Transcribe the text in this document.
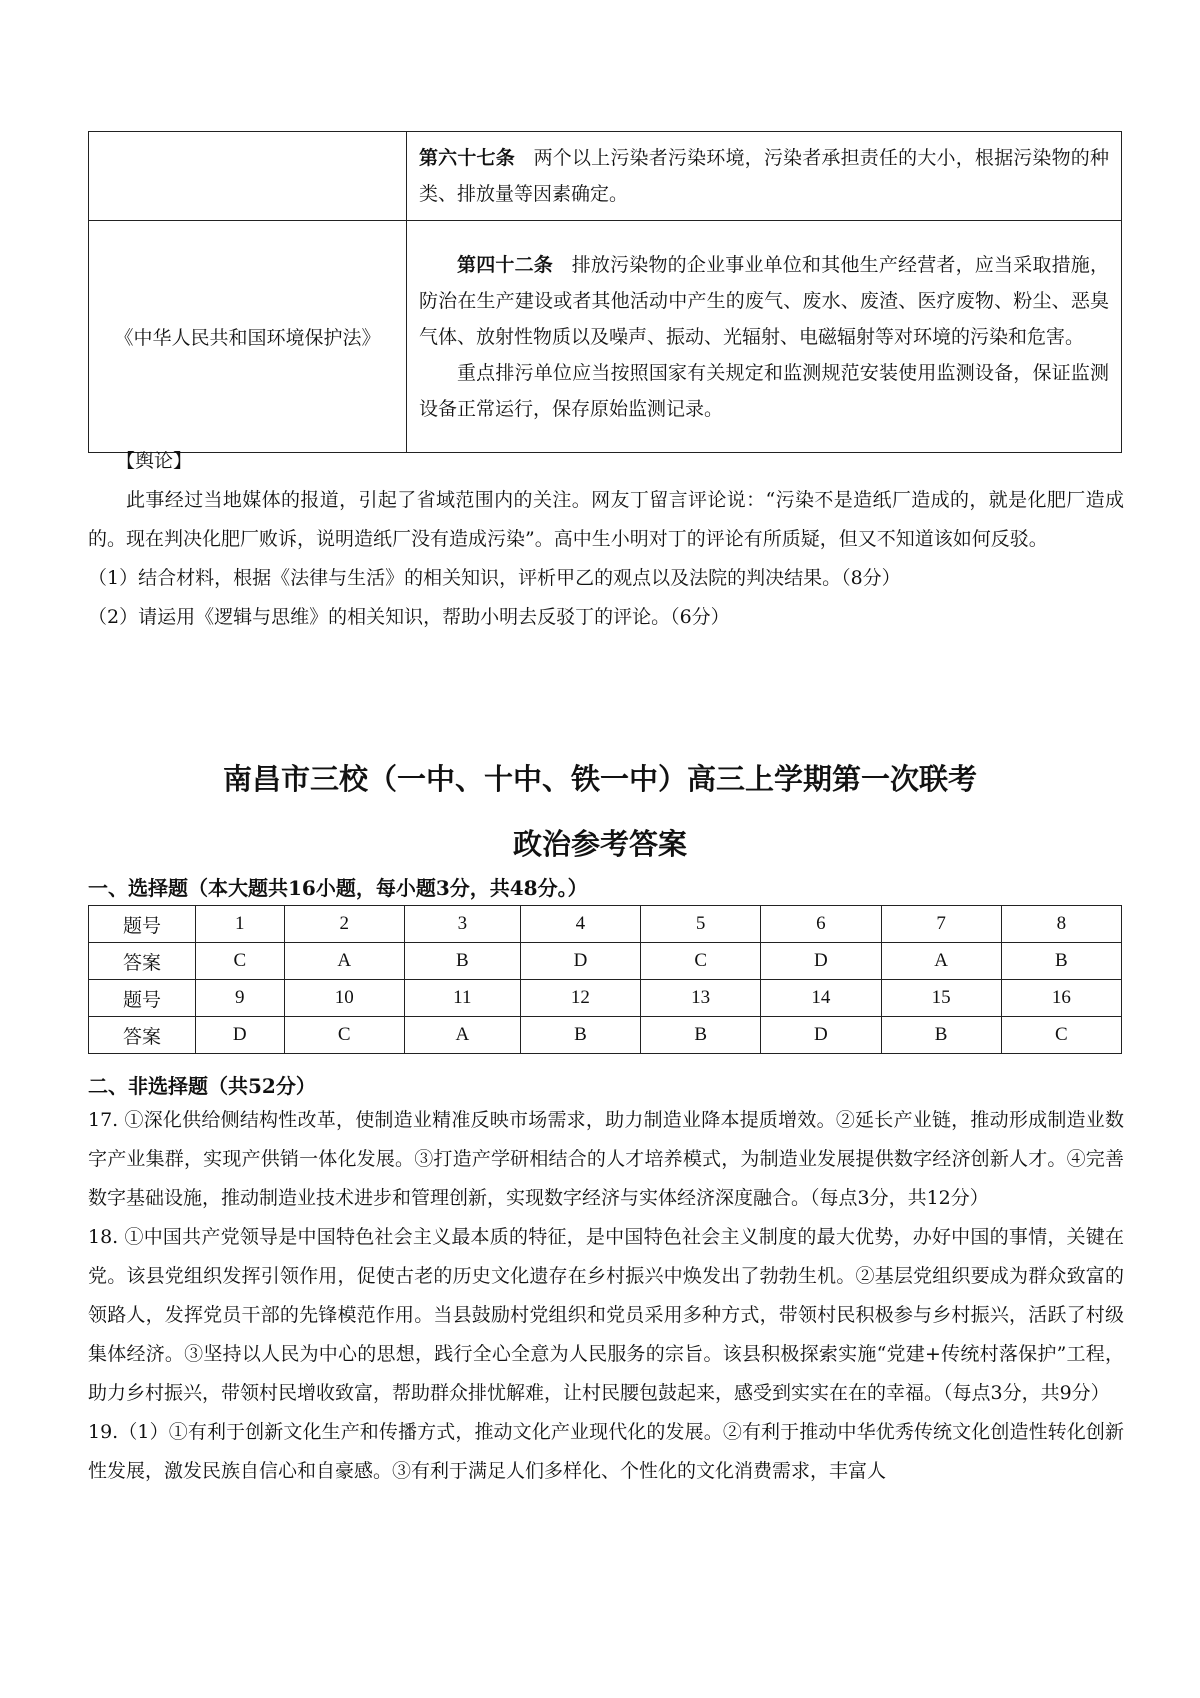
	第六十七条 两个以上污染者污染环境，污染者承担责任的大小，根据污染物的种类、排放量等因素确定。

《中华人民共和国环境保护法》	第四十二条 排放污染物的企业事业单位和其他生产经营者，应当采取措施，防治在生产建设或者其他活动中产生的废气、废水、废渣、医疗废物、粉尘、恶臭气体、放射性物质以及噪声、振动、光辐射、电磁辐射等对环境的污染和危害。

重点排污单位应当按照国家有关规定和监测规范安装使用监测设备，保证监测设备正常运行，保存原始监测记录。

【舆论】

此事经过当地媒体的报道，引起了省域范围内的关注。网友丁留言评论说：“污染不是造纸厂造成的，就是化肥厂造成的。现在判决化肥厂败诉，说明造纸厂没有造成污染”。高中生小明对丁的评论有所质疑，但又不知道该如何反驳。

（1）结合材料，根据《法律与生活》的相关知识，评析甲乙的观点以及法院的判决结果。（8分）

（2）请运用《逻辑与思维》的相关知识，帮助小明去反驳丁的评论。（6分）

南昌市三校（一中、十中、铁一中）高三上学期第一次联考
政治参考答案
一、选择题（本大题共16小题，每小题3分，共48分。）
题号	1	2	3	4	5	6	7	8
答案	C	A	B	D	C	D	A	B
题号	9	10	11	12	13	14	15	16
答案	D	C	A	B	B	D	B	C
二、非选择题（共52分）

17. ①深化供给侧结构性改革，使制造业精准反映市场需求，助力制造业降本提质增效。②延长产业链，推动形成制造业数字产业集群，实现产供销一体化发展。③打造产学研相结合的人才培养模式，为制造业发展提供数字经济创新人才。④完善数字基础设施，推动制造业技术进步和管理创新，实现数字经济与实体经济深度融合。（每点3分，共12分）

18. ①中国共产党领导是中国特色社会主义最本质的特征，是中国特色社会主义制度的最大优势，办好中国的事情，关键在党。该县党组织发挥引领作用，促使古老的历史文化遗存在乡村振兴中焕发出了勃勃生机。②基层党组织要成为群众致富的领路人，发挥党员干部的先锋模范作用。当县鼓励村党组织和党员采用多种方式，带领村民积极参与乡村振兴，活跃了村级集体经济。③坚持以人民为中心的思想，践行全心全意为人民服务的宗旨。该县积极探索实施“党建+传统村落保护”工程，助力乡村振兴，带领村民增收致富，帮助群众排忧解难，让村民腰包鼓起来，感受到实实在在的幸福。（每点3分，共9分）

19.（1）①有利于创新文化生产和传播方式，推动文化产业现代化的发展。②有利于推动中华优秀传统文化创造性转化创新性发展，激发民族自信心和自豪感。③有利于满足人们多样化、个性化的文化消费需求，丰富人
